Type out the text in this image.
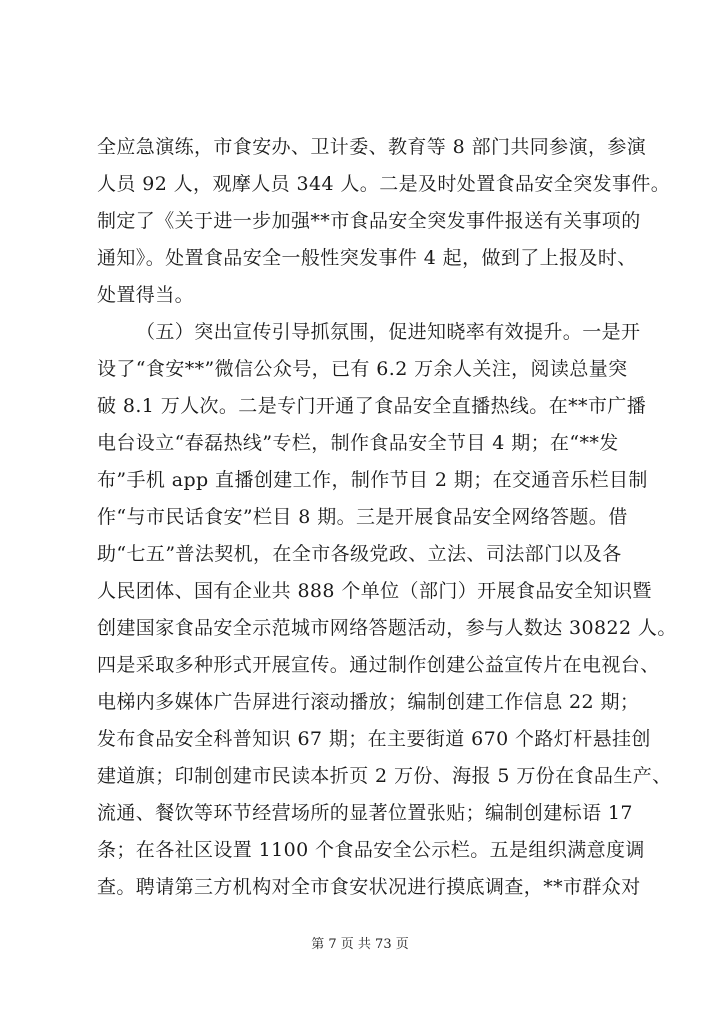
全应急演练，市食安办、卫计委、教育等 8 部门共同参演，参演
人员 92 人，观摩人员 344 人。二是及时处置食品安全突发事件。
制定了《关于进一步加强**市食品安全突发事件报送有关事项的
通知》。处置食品安全一般性突发事件 4 起，做到了上报及时、
处置得当。
（五）突出宣传引导抓氛围，促进知晓率有效提升。一是开
设了“食安**”微信公众号，已有 6.2 万余人关注，阅读总量突
破 8.1 万人次。二是专门开通了食品安全直播热线。在**市广播
电台设立“春磊热线”专栏，制作食品安全节目 4 期；在“**发
布”手机 app 直播创建工作，制作节目 2 期；在交通音乐栏目制
作“与市民话食安”栏目 8 期。三是开展食品安全网络答题。借
助“七五”普法契机，在全市各级党政、立法、司法部门以及各
人民团体、国有企业共 888 个单位（部门）开展食品安全知识暨
创建国家食品安全示范城市网络答题活动，参与人数达 30822 人。
四是采取多种形式开展宣传。通过制作创建公益宣传片在电视台、
电梯内多媒体广告屏进行滚动播放；编制创建工作信息 22 期；
发布食品安全科普知识 67 期；在主要街道 670 个路灯杆悬挂创
建道旗；印制创建市民读本折页 2 万份、海报 5 万份在食品生产、
流通、餐饮等环节经营场所的显著位置张贴；编制创建标语 17
条；在各社区设置 1100 个食品安全公示栏。五是组织满意度调
查。聘请第三方机构对全市食安状况进行摸底调查，**市群众对
第 7 页 共 73 页
